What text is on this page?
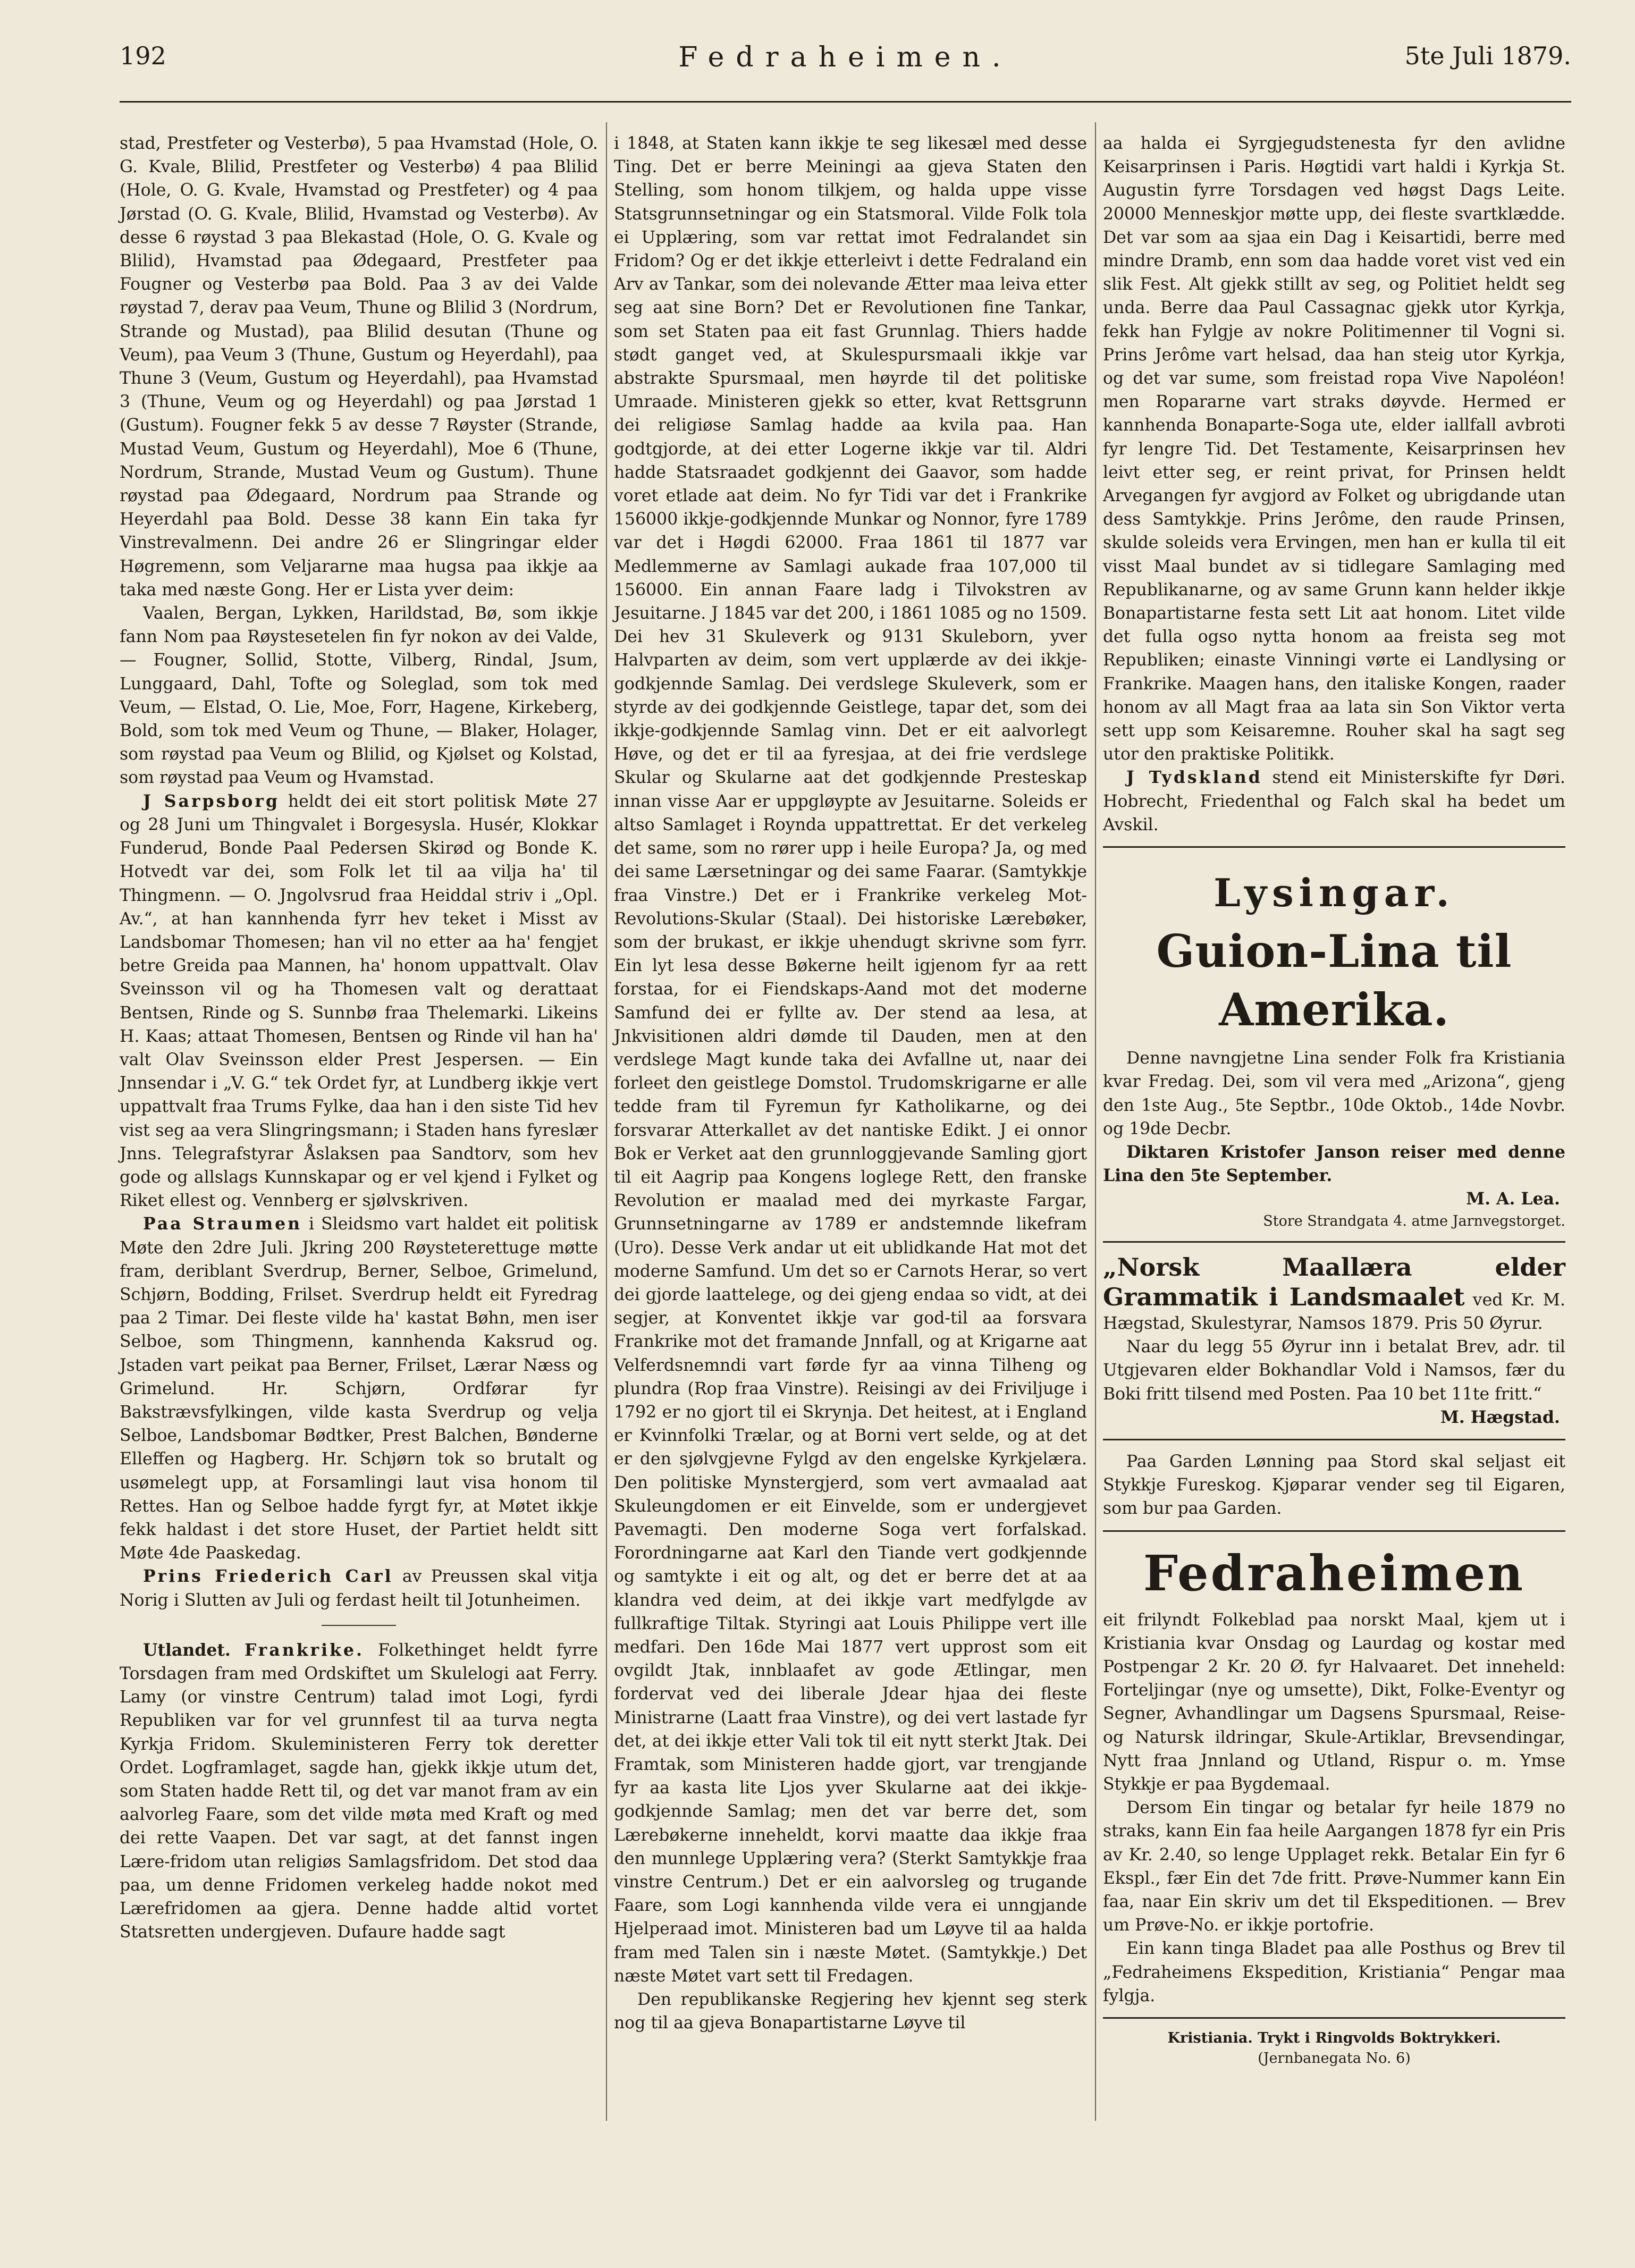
Fedraheimen.
192	5te Juli 1879.

stad, Prestfeter og Vesterbø), 5 paa Hvamstad (Hole, O. G. Kvale, Blilid, Prestfeter og Vesterbø) 4 paa Blilid (Hole, O. G. Kvale, Hvamstad og Prestfeter) og 4 paa Jørstad (O. G. Kvale, Blilid, Hvamstad og Vesterbø). Av desse 6 røystad 3 paa Blekastad (Hole, O. G. Kvale og Blilid), Hvamstad paa Ødegaard, Prestfeter paa Fougner og Vesterbø paa Bold. Paa 3 av dei Valde røystad 7, derav paa Veum, Thune og Blilid 3 (Nordrum, Strande og Mustad), paa Blilid desutan (Thune og Veum), paa Veum 3 (Thune, Gustum og Heyerdahl), paa Thune 3 (Veum, Gustum og Heyerdahl), paa Hvamstad 3 (Thune, Veum og og Heyerdahl) og paa Jørstad 1 (Gustum). Fougner fekk 5 av desse 7 Røyster (Strande, Mustad Veum, Gustum og Heyerdahl), Moe 6 (Thune, Nordrum, Strande, Mustad Veum og Gustum). Thune røystad paa Ødegaard, Nordrum paa Strande og Heyerdahl paa Bold. Desse 38 kann Ein taka fyr Vinstrevalmenn. Dei andre 26 er Slingringar elder Høgremenn, som Veljararne maa hugsa paa ikkje aa taka med næste Gong. Her er Lista yver deim:

Vaalen, Bergan, Lykken, Harildstad, Bø, som ikkje fann Nom paa Røystesetelen fin fyr nokon av dei Valde, — Fougner, Sollid, Stotte, Vilberg, Rindal, Jsum, Lunggaard, Dahl, Tofte og Soleglad, som tok med Veum, — Elstad, O. Lie, Moe, Forr, Hagene, Kirkeberg, Bold, som tok med Veum og Thune, — Blaker, Holager, som røystad paa Veum og Blilid, og Kjølset og Kolstad, som røystad paa Veum og Hvamstad.

J Sarpsborg heldt dei eit stort politisk Møte 27 og 28 Juni um Thingvalet i Borgesysla. Husér, Klokkar Funderud, Bonde Paal Pedersen Skirød og Bonde K. Hotvedt var dei, som Folk let til aa vilja ha' til Thingmenn. — O. Jngolvsrud fraa Heiddal striv i „Opl. Av.“, at han kannhenda fyrr hev teket i Misst av Landsbomar Thomesen; han vil no etter aa ha' fengjet betre Greida paa Mannen, ha' honom uppattvalt. Olav Sveinsson vil og ha Thomesen valt og derattaat Bentsen, Rinde og S. Sunnbø fraa Thelemarki. Likeins H. Kaas; attaat Thomesen, Bentsen og Rinde vil han ha' valt Olav Sveinsson elder Prest Jespersen. — Ein Jnnsendar i „V. G.“ tek Ordet fyr, at Lundberg ikkje vert uppattvalt fraa Trums Fylke, daa han i den siste Tid hev vist seg aa vera Slingringsmann; i Staden hans fyreslær Jnns. Telegrafstyrar Åslaksen paa Sandtorv, som hev gode og allslags Kunnskapar og er vel kjend i Fylket og Riket ellest og. Vennberg er sjølvskriven.

Paa Straumen i Sleidsmo vart haldet eit politisk Møte den 2dre Juli. Jkring 200 Røysteterettuge møtte fram, deriblant Sverdrup, Berner, Selboe, Grimelund, Schjørn, Bodding, Frilset. Sverdrup heldt eit Fyredrag paa 2 Timar. Dei fleste vilde ha' kastat Bøhn, men iser Selboe, som Thingmenn, kannhenda Kaksrud og. Jstaden vart peikat paa Berner, Frilset, Lærar Næss og Grimelund. Hr. Schjørn, Ordførar fyr Bakstrævsfylkingen, vilde kasta Sverdrup og velja Selboe, Landsbomar Bødtker, Prest Balchen, Bønderne Elleffen og Hagberg. Hr. Schjørn tok so brutalt og usømelegt upp, at Forsamlingi laut visa honom til Rettes. Han og Selboe hadde fyrgt fyr, at Møtet ikkje fekk haldast i det store Huset, der Partiet heldt sitt Møte 4de Paaskedag.

Prins Friederich Carl av Preussen skal vitja Norig i Slutten av Juli og ferdast heilt til Jotunheimen.

Utlandet. Frankrike. Folkethinget heldt fyrre Torsdagen fram med Ordskiftet um Skulelogi aat Ferry. Lamy (or vinstre Centrum) talad imot Logi, fyrdi Republiken var for vel grunnfest til aa turva negta Kyrkja Fridom. Skuleministeren Ferry tok deretter Ordet. Logframlaget, sagde han, gjekk ikkje utum det, som Staten hadde Rett til, og det var manot fram av ein aalvorleg Faare, som det vilde møta med Kraft og med dei rette Vaapen. Det var sagt, at det fannst ingen Lære-fridom utan religiøs Samlagsfridom. Det stod daa paa, um denne Fridomen verkeleg hadde nokot med Lærefridomen aa gjera. Denne hadde altid vortet Statsretten undergjeven. Dufaure hadde sagt

i 1848, at Staten kann ikkje te seg likesæl med desse Ting. Det er berre Meiningi aa gjeva Staten den Stelling, som honom tilkjem, og halda uppe visse Statsgrunnsetningar og ein Statsmoral. Vilde Folk tola ei Upplæring, som var rettat imot Fedralandet sin Fridom? Og er det ikkje etterleivt i dette Fedraland ein Arv av Tankar, som dei nolevande Ætter maa leiva etter seg aat sine Born? Det er Revolutionen fine Tankar, som set Staten paa eit fast Grunnlag. Thiers hadde stødt ganget ved, at Skulespursmaali ikkje var abstrakte Spursmaal, men høyrde til det politiske Umraade. Ministeren gjekk so etter, kvat Rettsgrunn dei religiøse Samlag hadde aa kvila paa. Han godtgjorde, at dei etter Logerne ikkje var til. Aldri hadde Statsraadet godkjennt dei Gaavor, som hadde voret etlade aat deim. No fyr Tidi var det i Frankrike 156000 ikkje-godkjennde Munkar og Nonnor, fyre 1789 var det i Høgdi 62000. Fraa 1861 til 1877 var Medlemmerne av Samlagi aukade fraa 107,000 til 156000. Ein annan Faare ladg i Tilvokstren av Jesuitarne. J 1845 var det 200, i 1861 1085 og no 1509. Dei hev 31 Skuleverk og 9131 Skuleborn, yver Halvparten av deim, som vert upplærde av dei ikkje-godkjennde Samlag. Dei verdslege Skuleverk, som er styrde av dei godkjennde Geistlege, tapar det, som dei ikkje-godkjennde Samlag vinn. Det er eit aalvorlegt Høve, og det er til aa fyresjaa, at dei frie verdslege Skular og Skularne aat det godkjennde Presteskap innan visse Aar er uppgløypte av Jesuitarne. Soleids er altso Samlaget i Roynda uppattrettat. Er det verkeleg det same, som no rører upp i heile Europa? Ja, og med dei same Lærsetningar og dei same Faarar. (Samtykkje fraa Vinstre.) Det er i Frankrike verkeleg Mot-Revolutions-Skular (Staal). Dei historiske Lærebøker, som der brukast, er ikkje uhendugt skrivne som fyrr. Ein lyt lesa desse Bøkerne heilt igjenom fyr aa rett forstaa, for ei Fiendskaps-Aand mot det moderne Samfund dei er fyllte av. Der stend aa lesa, at Jnkvisitionen aldri dømde til Dauden, men at den verdslege Magt kunde taka dei Avfallne ut, naar dei forleet den geistlege Domstol. Trudomskrigarne er alle tedde fram til Fyremun fyr Katholikarne, og dei forsvarar Atterkallet av det nantiske Edikt. J ei onnor Bok er Verket aat den grunnloggjevande Samling gjort til eit Aagrip paa Kongens loglege Rett, den franske Revolution er maalad med dei myrkaste Fargar, Grunnsetningarne av 1789 er andstemnde likefram (Uro). Desse Verk andar ut eit ublidkande Hat mot det moderne Samfund. Um det so er Carnots Herar, so vert dei gjorde laattelege, og dei gjeng endaa so vidt, at dei segjer, at Konventet ikkje var god-til aa forsvara Frankrike mot det framande Jnnfall, og at Krigarne aat Velferdsnemndi vart førde fyr aa vinna Tilheng og plundra (Rop fraa Vinstre). Reisingi av dei Friviljuge i 1792 er no gjort til ei Skrynja. Det heitest, at i England er Kvinnfolki Trælar, og at Borni vert selde, og at det er den sjølvgjevne Fylgd av den engelske Kyrkjelæra. Den politiske Mynstergjerd, som vert avmaalad aat Skuleungdomen er eit Einvelde, som er undergjevet Pavemagti. Den moderne Soga vert forfalskad. Forordningarne aat Karl den Tiande vert godkjennde og samtykte i eit og alt, og det er berre det at aa klandra ved deim, at dei ikkje vart medfylgde av fullkraftige Tiltak. Styringi aat Louis Philippe vert ille medfari. Den 16de Mai 1877 vert upprost som eit ovgildt Jtak, innblaafet av gode Ætlingar, men fordervat ved dei liberale Jdear hjaa dei fleste Ministrarne (Laatt fraa Vinstre), og dei vert lastade fyr det, at dei ikkje etter Vali tok til eit nytt sterkt Jtak. Dei Framtak, som Ministeren hadde gjort, var trengjande fyr aa kasta lite Ljos yver Skularne aat dei ikkje-godkjennde Samlag; men det var berre det, som Lærebøkerne inneheldt, korvi maatte daa ikkje fraa den munnlege Upplæring vera? (Sterkt Samtykkje fraa vinstre Centrum.) Det er ein aalvorsleg og trugande Faare, som Logi kannhenda vilde vera ei unngjande Hjelperaad imot. Ministeren bad um Løyve til aa halda fram med Talen sin i næste Møtet. (Samtykkje.) Det næste Møtet vart sett til Fredagen.

Den republikanske Regjering hev kjennt seg sterk nog til aa gjeva Bonapartistarne Løyve til

aa halda ei Syrgjegudstenesta fyr den avlidne Keisarprinsen i Paris. Høgtidi vart haldi i Kyrkja St. Augustin fyrre Torsdagen ved høgst Dags Leite. 20000 Menneskjor møtte upp, dei fleste svartklædde. Det var som aa sjaa ein Dag i Keisartidi, berre med mindre Dramb, enn som daa hadde voret vist ved ein slik Fest. Alt gjekk stillt av seg, og Politiet heldt seg unda. Berre daa Paul Cassagnac gjekk utor Kyrkja, fekk han Fylgje av nokre Politimenner til Vogni si. Prins Jerôme vart helsad, daa han steig utor Kyrkja, og det var sume, som freistad ropa Vive Napoléon! men Ropararne vart straks døyvde. Hermed er kannhenda Bonaparte-Soga ute, elder iallfall avbroti fyr lengre Tid. Det Testamente, Keisarprinsen hev leivt etter seg, er reint privat, for Prinsen heldt Arvegangen fyr avgjord av Folket og ubrigdande utan dess Samtykkje. Prins Jerôme, den raude Prinsen, skulde soleids vera Ervingen, men han er kulla til eit visst Maal bundet av si tidlegare Samlaging med Republikanarne, og av same Grunn kann helder ikkje Bonapartistarne festa sett Lit aat honom. Litet vilde det fulla ogso nytta honom aa freista seg mot Republiken; einaste Vinningi vørte ei Landlysing or Frankrike. Maagen hans, den italiske Kongen, raader honom av all Magt fraa aa lata sin Son Viktor verta sett upp som Keisaremne. Rouher skal ha sagt seg utor den praktiske Politikk.

J Tydskland stend eit Ministerskifte fyr Døri. Hobrecht, Friedenthal og Falch skal ha bedet um Avskil.

Lysingar.
Guion-Lina til Amerika.

Denne navngjetne Lina sender Folk fra Kristiania kvar Fredag. Dei, som vil vera med „Arizona“, gjeng den 1ste Aug., 5te Septbr., 10de Oktob., 14de Novbr. og 19de Decbr.

Diktaren Kristofer Janson reiser med denne Lina den 5te September.

M. A. Lea.

Store Strandgata 4. atme Jarnvegstorget.

„Norsk Maallæra elder Grammatik i Landsmaalet ved Kr. M. Hægstad, Skulestyrar, Namsos 1879. Pris 50 Øyrur.

Naar du legg 55 Øyrur inn i betalat Brev, adr. til Utgjevaren elder Bokhandlar Vold i Namsos, fær du Boki fritt tilsend med Posten. Paa 10 bet 11te fritt.“

M. Hægstad.

Paa Garden Lønning paa Stord skal seljast eit Stykkje Fureskog. Kjøparar vender seg til Eigaren, som bur paa Garden.

Fedraheimen

eit frilyndt Folkeblad paa norskt Maal, kjem ut i Kristiania kvar Onsdag og Laurdag og kostar med Postpengar 2 Kr. 20 Ø. fyr Halvaaret. Det inneheld: Forteljingar (nye og umsette), Dikt, Folke-Eventyr og Segner, Avhandlingar um Dagsens Spursmaal, Reise- og Natursk ildringar, Skule-Artiklar, Brevsendingar, Nytt fraa Jnnland og Utland, Rispur o. m. Ymse Stykkje er paa Bygdemaal.

Dersom Ein tingar og betalar fyr heile 1879 no straks, kann Ein faa heile Aargangen 1878 fyr ein Pris av Kr. 2.40, so lenge Upplaget rekk. Betalar Ein fyr 6 Ekspl., fær Ein det 7de fritt. Prøve-Nummer kann Ein faa, naar Ein skriv um det til Ekspeditionen. — Brev um Prøve-No. er ikkje portofrie.

Ein kann tinga Bladet paa alle Posthus og Brev til „Fedraheimens Ekspedition, Kristiania“ Pengar maa fylgja.

Kristiania. Trykt i Ringvolds Boktrykkeri.

(Jernbanegata No. 6)
